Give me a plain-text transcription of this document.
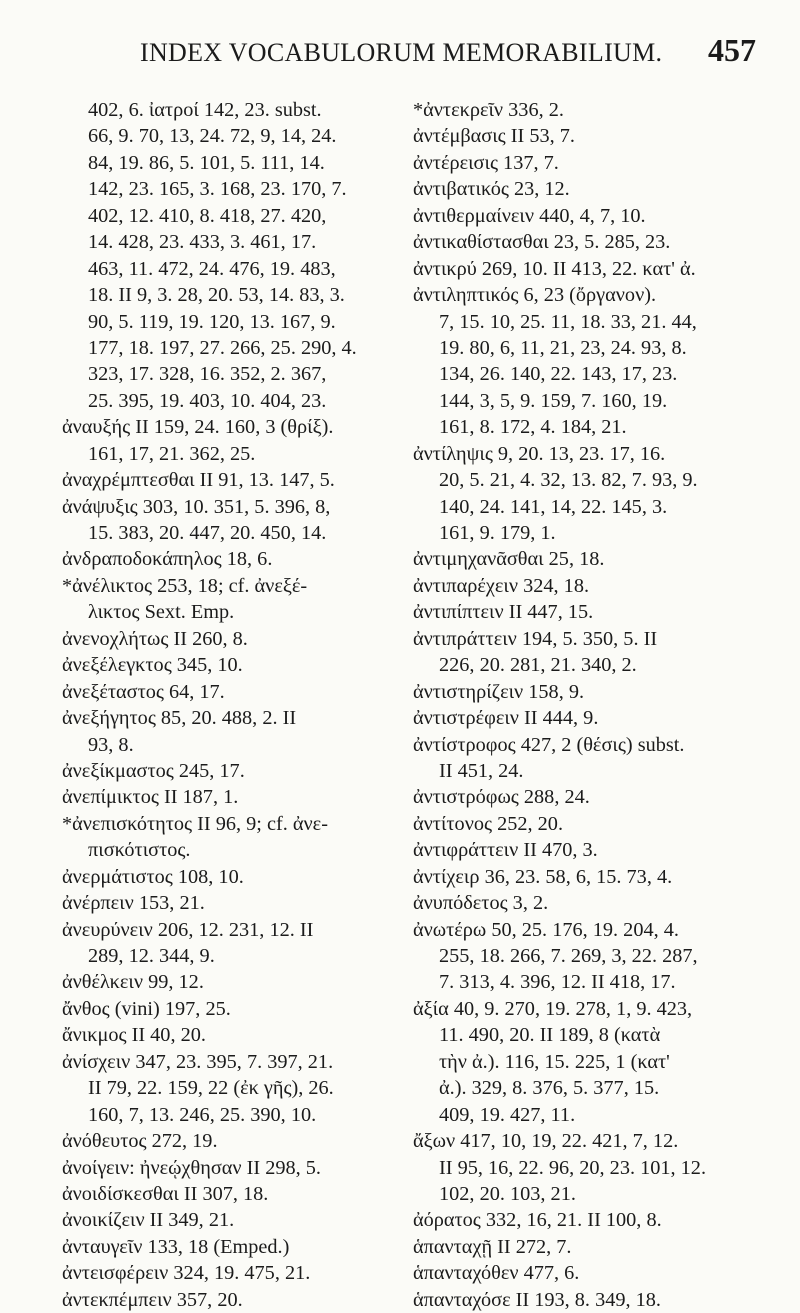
INDEX VOCABULORUM MEMORABILIUM. 457
402, 6. ἰατροί 142, 23. subst.
66, 9. 70, 13, 24. 72, 9, 14, 24.
84, 19. 86, 5. 101, 5. 111, 14.
142, 23. 165, 3. 168, 23. 170, 7.
402, 12. 410, 8. 418, 27. 420,
14. 428, 23. 433, 3. 461, 17.
463, 11. 472, 24. 476, 19. 483,
18. II 9, 3. 28, 20. 53, 14. 83, 3.
90, 5. 119, 19. 120, 13. 167, 9.
177, 18. 197, 27. 266, 25. 290, 4.
323, 17. 328, 16. 352, 2. 367,
25. 395, 19. 403, 10. 404, 23.
ἀναυξής II 159, 24. 160, 3 (θρίξ).
161, 17, 21. 362, 25.
ἀναχρέμπτεσθαι II 91, 13. 147, 5.
ἀνάψυξις 303, 10. 351, 5. 396, 8,
15. 383, 20. 447, 20. 450, 14.
ἀνδραποδοκάπηλος 18, 6.
*ἀνέλικτος 253, 18; cf. ἀνεξέ-
λικτος Sext. Emp.
ἀνενοχλήτως II 260, 8.
ἀνεξέλεγκτος 345, 10.
ἀνεξέταστος 64, 17.
ἀνεξήγητος 85, 20. 488, 2. II
93, 8.
ἀνεξίκμαστος 245, 17.
ἀνεπίμικτος II 187, 1.
*ἀνεπισκότητος II 96, 9; cf. ἀνε-
πισκότιστος.
ἀνερμάτιστος 108, 10.
ἀνέρπειν 153, 21.
ἀνευρύνειν 206, 12. 231, 12. II
289, 12. 344, 9.
ἀνθέλκειν 99, 12.
ἄνθος (vini) 197, 25.
ἄνικμος II 40, 20.
ἀνίσχειν 347, 23. 395, 7. 397, 21.
II 79, 22. 159, 22 (ἐκ γῆς), 26.
160, 7, 13. 246, 25. 390, 10.
ἀνόθευτος 272, 19.
ἀνοίγειν: ἠνεῴχθησαν II 298, 5.
ἀνοιδίσκεσθαι II 307, 18.
ἀνοικίζειν II 349, 21.
ἀνταυγεῖν 133, 18 (Emped.)
ἀντεισφέρειν 324, 19. 475, 21.
ἀντεκπέμπειν 357, 20.
*ἀντεκρεῖν 336, 2.
ἀντέμβασις II 53, 7.
ἀντέρεισις 137, 7.
ἀντιβατικός 23, 12.
ἀντιθερμαίνειν 440, 4, 7, 10.
ἀντικαθίστασθαι 23, 5. 285, 23.
ἀντικρύ 269, 10. II 413, 22. κατ' ἀ.
ἀντιληπτικός 6, 23 (ὄργανον).
7, 15. 10, 25. 11, 18. 33, 21. 44,
19. 80, 6, 11, 21, 23, 24. 93, 8.
134, 26. 140, 22. 143, 17, 23.
144, 3, 5, 9. 159, 7. 160, 19.
161, 8. 172, 4. 184, 21.
ἀντίληψις 9, 20. 13, 23. 17, 16.
20, 5. 21, 4. 32, 13. 82, 7. 93, 9.
140, 24. 141, 14, 22. 145, 3.
161, 9. 179, 1.
ἀντιμηχανᾶσθαι 25, 18.
ἀντιπαρέχειν 324, 18.
ἀντιπίπτειν II 447, 15.
ἀντιπράττειν 194, 5. 350, 5. II
226, 20. 281, 21. 340, 2.
ἀντιστηρίζειν 158, 9.
ἀντιστρέφειν II 444, 9.
ἀντίστροφος 427, 2 (θέσις) subst.
II 451, 24.
ἀντιστρόφως 288, 24.
ἀντίτονος 252, 20.
ἀντιφράττειν II 470, 3.
ἀντίχειρ 36, 23. 58, 6, 15. 73, 4.
ἀνυπόδετος 3, 2.
ἀνωτέρω 50, 25. 176, 19. 204, 4.
255, 18. 266, 7. 269, 3, 22. 287,
7. 313, 4. 396, 12. II 418, 17.
ἀξία 40, 9. 270, 19. 278, 1, 9. 423,
11. 490, 20. II 189, 8 (κατὰ
τὴν ἀ.). 116, 15. 225, 1 (κατ'
ἀ.). 329, 8. 376, 5. 377, 15.
409, 19. 427, 11.
ἄξων 417, 10, 19, 22. 421, 7, 12.
II 95, 16, 22. 96, 20, 23. 101, 12.
102, 20. 103, 21.
ἀόρατος 332, 16, 21. II 100, 8.
ἁπανταχῇ II 272, 7.
ἁπανταχόθεν 477, 6.
ἁπανταχόσε II 193, 8. 349, 18.
